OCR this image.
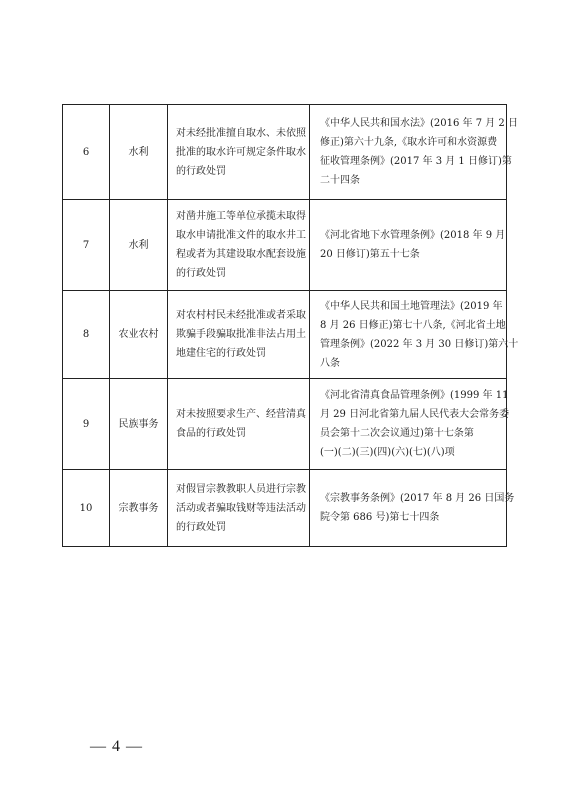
6	水利	对未经批准擅自取水、未依照
批准的取水许可规定条件取水
的行政处罚	《中华人民共和国水法》(2016 年 7 月 2 日
修正)第六十九条,《取水许可和水资源费
征收管理条例》(2017 年 3 月 1 日修订)第
二十四条

7	水利	对凿井施工等单位承揽未取得
取水申请批准文件的取水井工
程或者为其建设取水配套设施
的行政处罚	《河北省地下水管理条例》(2018 年 9 月
20 日修订)第五十七条

8	农业农村	对农村村民未经批准或者采取
欺骗手段骗取批准非法占用土
地建住宅的行政处罚	《中华人民共和国土地管理法》(2019 年
8 月 26 日修正)第七十八条,《河北省土地
管理条例》(2022 年 3 月 30 日修订)第六十
八条

9	民族事务	对未按照要求生产、经营清真
食品的行政处罚	《河北省清真食品管理条例》(1999 年 11
月 29 日河北省第九届人民代表大会常务委
员会第十二次会议通过)第十七条第
(一)(二)(三)(四)(六)(七)(八)项

10	宗教事务	对假冒宗教教职人员进行宗教
活动或者骗取钱财等违法活动
的行政处罚	《宗教事务条例》(2017 年 8 月 26 日国务
院令第 686 号)第七十四条
— 4 —
